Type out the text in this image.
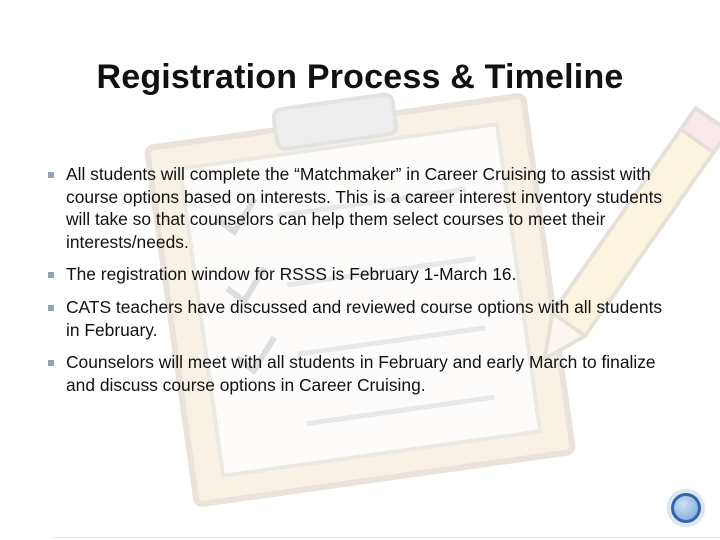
Registration Process & Timeline
All students will complete the “Matchmaker” in Career Cruising to assist with course options based on interests. This is a career interest inventory students will take so that counselors can help them select courses to meet their interests/needs.
The registration window for RSSS is February 1-March 16.
CATS teachers have discussed and reviewed course options with all students in February.
Counselors will meet with all students in February and early March to finalize and discuss course options in Career Cruising.
